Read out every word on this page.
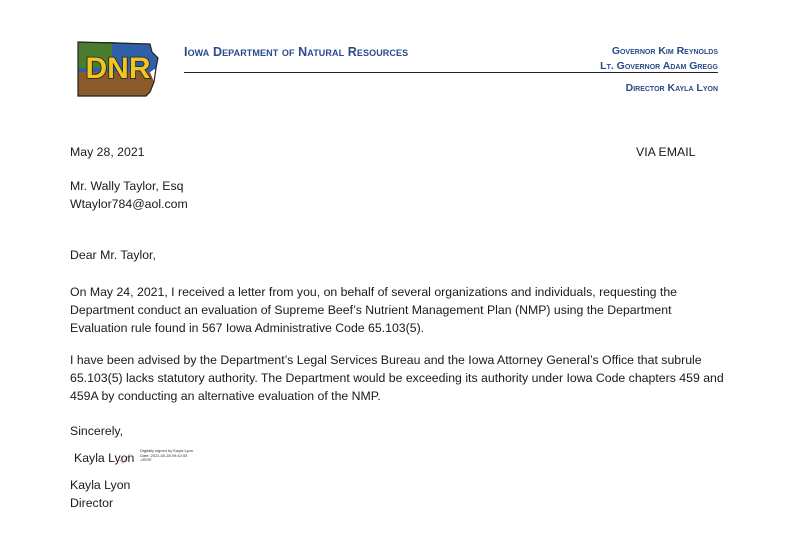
DNR	Iowa Department of Natural Resources	Governor Kim Reynolds
Lt. Governor Adam Gregg
Director Kayla Lyon
May 28, 2021	VIA EMAIL
Mr. Wally Taylor, Esq
Wtaylor784@aol.com
Dear Mr. Taylor,
On May 24, 2021, I received a letter from you, on behalf of several organizations and individuals, requesting the Department conduct an evaluation of Supreme Beef’s Nutrient Management Plan (NMP) using the Department Evaluation rule found in 567 Iowa Administrative Code 65.103(5).
I have been advised by the Department’s Legal Services Bureau and the Iowa Attorney General’s Office that subrule 65.103(5) lacks statutory authority. The Department would be exceeding its authority under Iowa Code chapters 459 and 459A by conducting an alternative evaluation of the NMP.
Sincerely,
Kayla Lyon
Digitally signed by Kayla Lyon
Date: 2021.05.28 09:42:53
-05'00'
Kayla Lyon
Director
